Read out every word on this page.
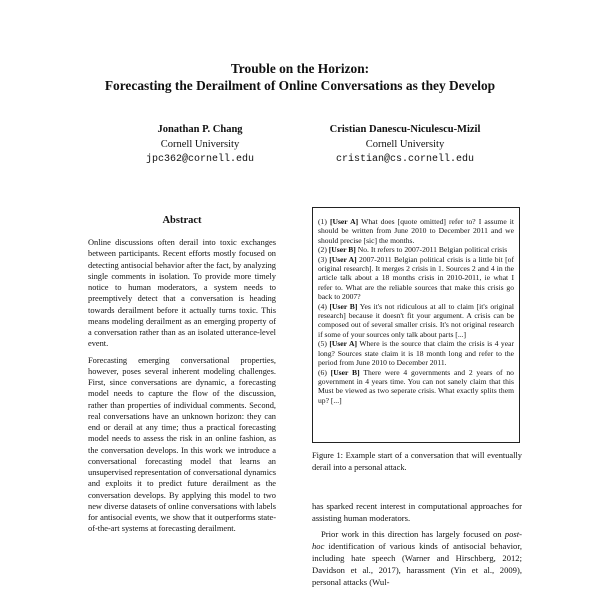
Trouble on the Horizon:
Forecasting the Derailment of Online Conversations as they Develop
Jonathan P. Chang
Cornell University
jpc362@cornell.edu
Cristian Danescu-Niculescu-Mizil
Cornell University
cristian@cs.cornell.edu
Abstract

Online discussions often derail into toxic exchanges between participants. Recent efforts mostly focused on detecting antisocial behavior after the fact, by analyzing single comments in isolation. To provide more timely notice to human moderators, a system needs to preemptively detect that a conversation is heading towards derailment before it actually turns toxic. This means modeling derailment as an emerging property of a conversation rather than as an isolated utterance-level event.

Forecasting emerging conversational properties, however, poses several inherent modeling challenges. First, since conversations are dynamic, a forecasting model needs to capture the flow of the discussion, rather than properties of individual comments. Second, real conversations have an unknown horizon: they can end or derail at any time; thus a practical forecasting model needs to assess the risk in an online fashion, as the conversation develops. In this work we introduce a conversational forecasting model that learns an unsupervised representation of conversational dynamics and exploits it to predict future derailment as the conversation develops. By applying this model to two new diverse datasets of online conversations with labels for antisocial events, we show that it outperforms state-of-the-art systems at forecasting derailment.

(1) [User A] What does [quote omitted] refer to? I assume it should be written from June 2010 to December 2011 and we should precise [sic] the months.

(2) [User B] No. It refers to 2007-2011 Belgian political crisis

(3) [User A] 2007-2011 Belgian political crisis is a little bit [of original research]. It merges 2 crisis in 1. Sources 2 and 4 in the article talk about a 18 months crisis in 2010-2011, ie what I refer to. What are the reliable sources that make this crisis go back to 2007?

(4) [User B] Yes it's not ridiculous at all to claim [it's original research] because it doesn't fit your argument. A crisis can be composed out of several smaller crisis. It's not original research if some of your sources only talk about parts [...]

(5) [User A] Where is the source that claim the crisis is 4 year long? Sources state claim it is 18 month long and refer to the period from June 2010 to December 2011.

(6) [User B] There were 4 governments and 2 years of no government in 4 years time. You can not sanely claim that this Must be viewed as two seperate crisis. What exactly splits them up? [...]

Figure 1: Example start of a conversation that will eventually derail into a personal attack.

has sparked recent interest in computational approaches for assisting human moderators.

Prior work in this direction has largely focused on post-hoc identification of various kinds of antisocial behavior, including hate speech (Warner and Hirschberg, 2012; Davidson et al., 2017), harassment (Yin et al., 2009), personal attacks (Wul-
